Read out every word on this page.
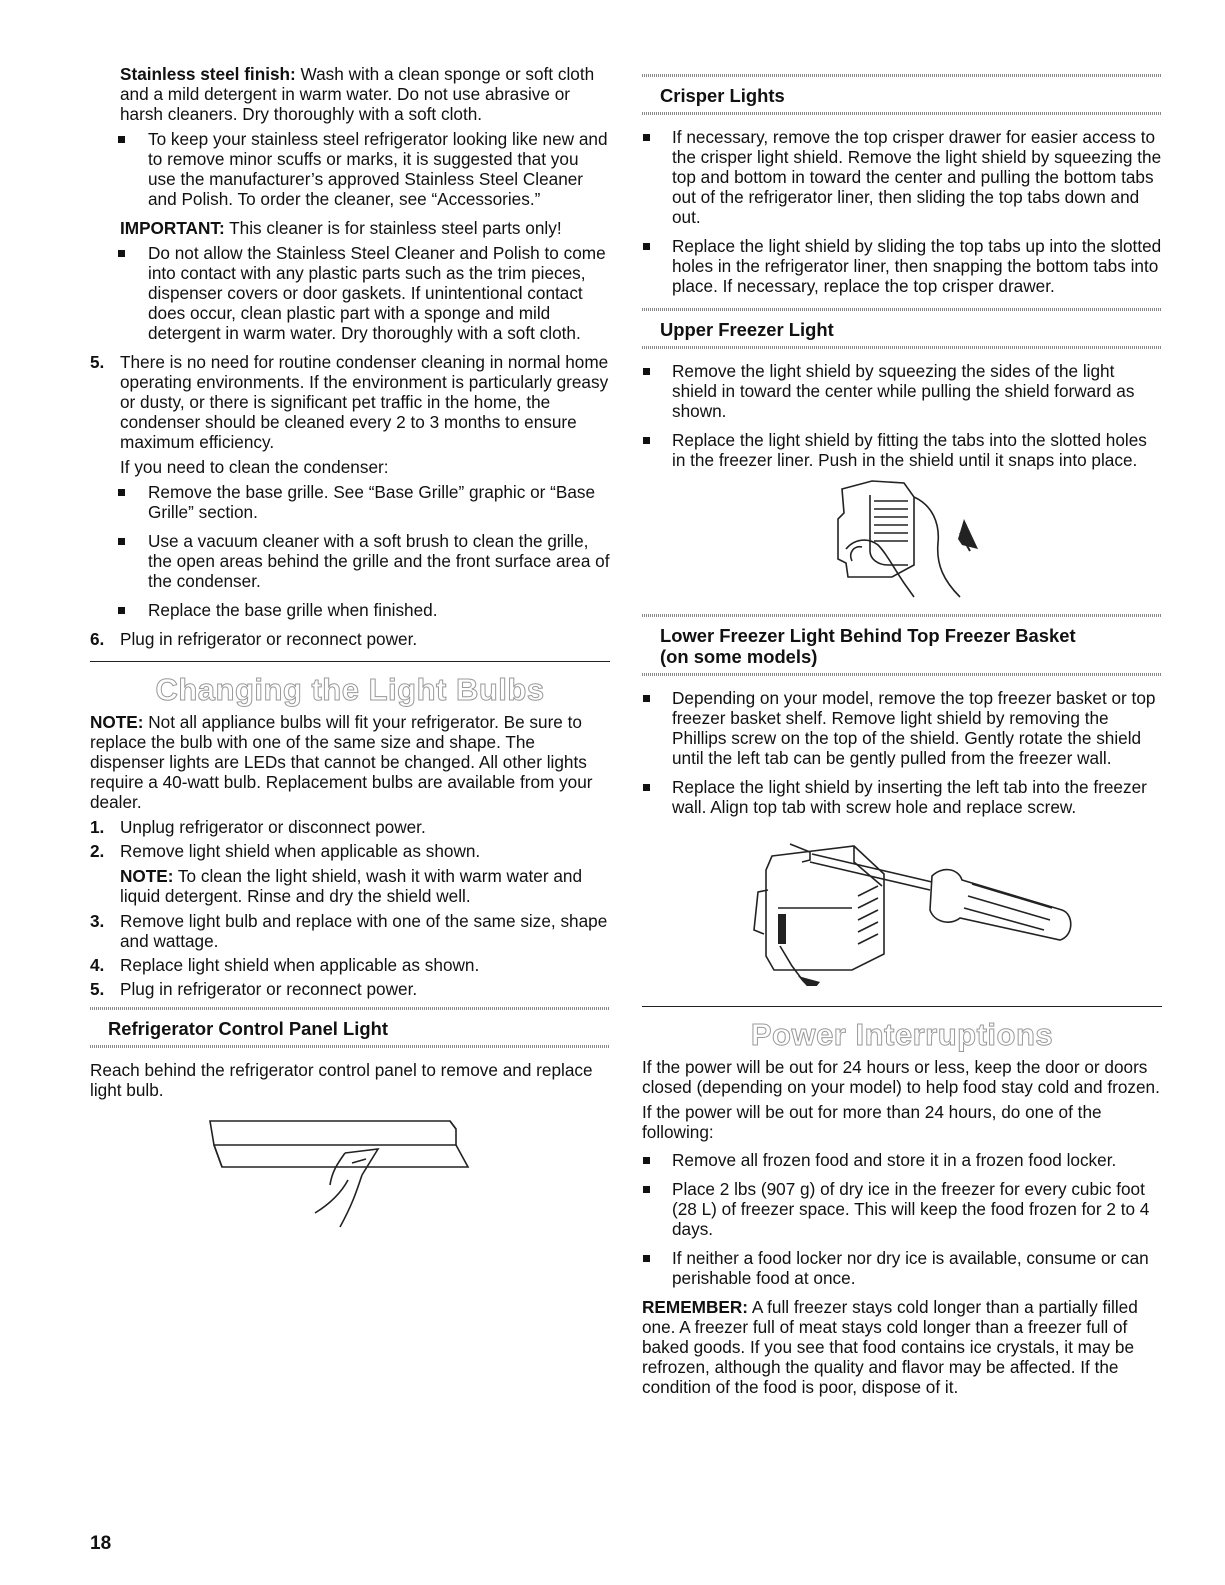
Stainless steel finish: Wash with a clean sponge or soft cloth and a mild detergent in warm water. Do not use abrasive or harsh cleaners. Dry thoroughly with a soft cloth.

To keep your stainless steel refrigerator looking like new and to remove minor scuffs or marks, it is suggested that you use the manufacturer’s approved Stainless Steel Cleaner and Polish. To order the cleaner, see “Accessories.”

IMPORTANT: This cleaner is for stainless steel parts only!

Do not allow the Stainless Steel Cleaner and Polish to come into contact with any plastic parts such as the trim pieces, dispenser covers or door gaskets. If unintentional contact does occur, clean plastic part with a sponge and mild detergent in warm water. Dry thoroughly with a soft cloth.
5. There is no need for routine condenser cleaning in normal home operating environments. If the environment is particularly greasy or dusty, or there is significant pet traffic in the home, the condenser should be cleaned every 2 to 3 months to ensure maximum efficiency.

If you need to clean the condenser:

Remove the base grille. See “Base Grille” graphic or “Base Grille” section.
Use a vacuum cleaner with a soft brush to clean the grille, the open areas behind the grille and the front surface area of the condenser.
Replace the base grille when finished.
6. Plug in refrigerator or reconnect power.
Changing the Light Bulbs

NOTE: Not all appliance bulbs will fit your refrigerator. Be sure to replace the bulb with one of the same size and shape. The dispenser lights are LEDs that cannot be changed. All other lights require a 40-watt bulb. Replacement bulbs are available from your dealer.

1. Unplug refrigerator or disconnect power.
2. Remove light shield when applicable as shown.

NOTE: To clean the light shield, wash it with warm water and liquid detergent. Rinse and dry the shield well.

3. Remove light bulb and replace with one of the same size, shape and wattage.
4. Replace light shield when applicable as shown.
5. Plug in refrigerator or reconnect power.
Refrigerator Control Panel Light

Reach behind the refrigerator control panel to remove and replace light bulb.

18
Crisper Lights
If necessary, remove the top crisper drawer for easier access to the crisper light shield. Remove the light shield by squeezing the top and bottom in toward the center and pulling the bottom tabs out of the refrigerator liner, then sliding the top tabs down and out.
Replace the light shield by sliding the top tabs up into the slotted holes in the refrigerator liner, then snapping the bottom tabs into place. If necessary, replace the top crisper drawer.
Upper Freezer Light
Remove the light shield by squeezing the sides of the light shield in toward the center while pulling the shield forward as shown.
Replace the light shield by fitting the tabs into the slotted holes in the freezer liner. Push in the shield until it snaps into place.
Lower Freezer Light Behind Top Freezer Basket
(on some models)
Depending on your model, remove the top freezer basket or top freezer basket shelf. Remove light shield by removing the Phillips screw on the top of the shield. Gently rotate the shield until the left tab can be gently pulled from the freezer wall.
Replace the light shield by inserting the left tab into the freezer wall. Align top tab with screw hole and replace screw.
Power Interruptions

If the power will be out for 24 hours or less, keep the door or doors closed (depending on your model) to help food stay cold and frozen.

If the power will be out for more than 24 hours, do one of the following:

Remove all frozen food and store it in a frozen food locker.
Place 2 lbs (907 g) of dry ice in the freezer for every cubic foot (28 L) of freezer space. This will keep the food frozen for 2 to 4 days.
If neither a food locker nor dry ice is available, consume or can perishable food at once.

REMEMBER: A full freezer stays cold longer than a partially filled one. A freezer full of meat stays cold longer than a freezer full of baked goods. If you see that food contains ice crystals, it may be refrozen, although the quality and flavor may be affected. If the condition of the food is poor, dispose of it.
